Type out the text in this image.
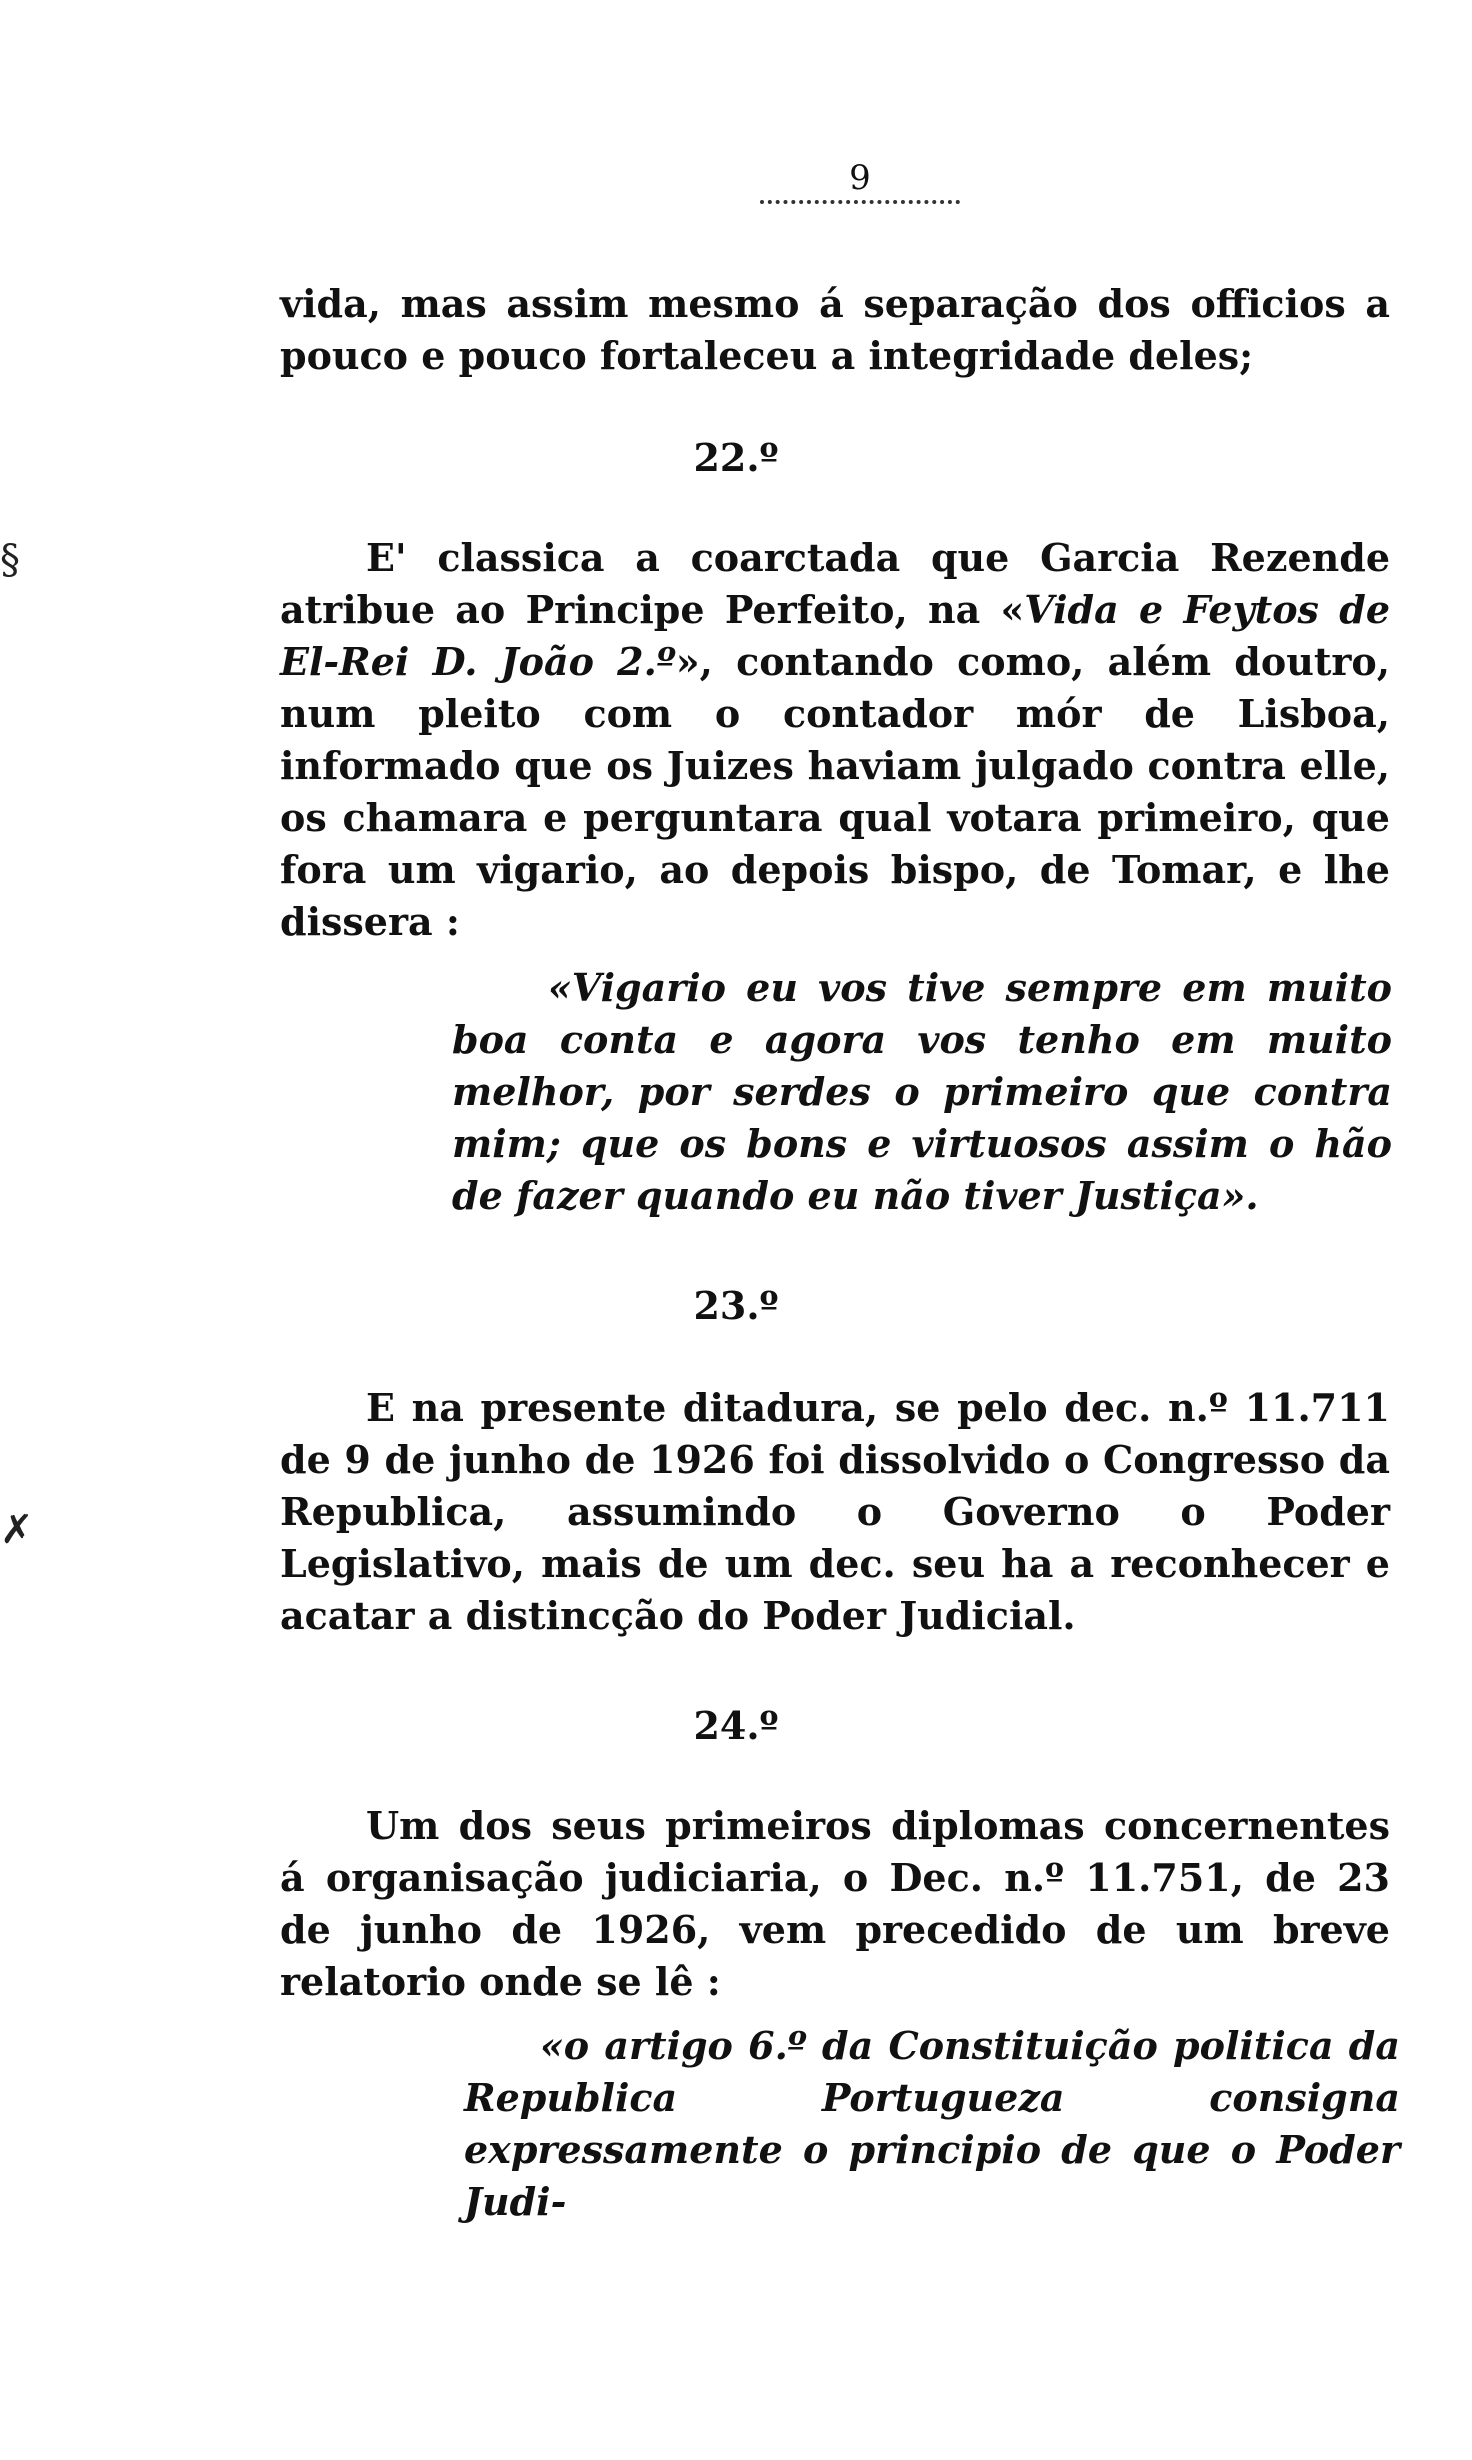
9

vida, mas assim mesmo á separação dos officios a pouco e pouco fortaleceu a integridade deles;

22.º

E' classica a coarctada que Garcia Rezende atribue ao Principe Perfeito, na «Vida e Feytos de El-Rei D. João 2.º», contando como, além doutro, num pleito com o contador mór de Lisboa, informado que os Juizes haviam julgado contra elle, os chamara e perguntara qual votara primeiro, que fora um vigario, ao depois bispo, de Tomar, e lhe dissera :

«Vigario eu vos tive sempre em muito boa conta e agora vos tenho em muito melhor, por serdes o primeiro que contra mim; que os bons e virtuosos assim o hão de fazer quando eu não tiver Justiça».

23.º

E na presente ditadura, se pelo dec. n.º 11.711 de 9 de junho de 1926 foi dissolvido o Congresso da Republica, assumindo o Governo o Poder Legislativo, mais de um dec. seu ha a reconhecer e acatar a distincção do Poder Judicial.

24.º

Um dos seus primeiros diplomas concernentes á organisação judiciaria, o Dec. n.º 11.751, de 23 de junho de 1926, vem precedido de um breve relatorio onde se lê :

«o artigo 6.º da Constituição politica da Republica Portugueza consigna expressamente o principio de que o Poder Judi-

§
✗
